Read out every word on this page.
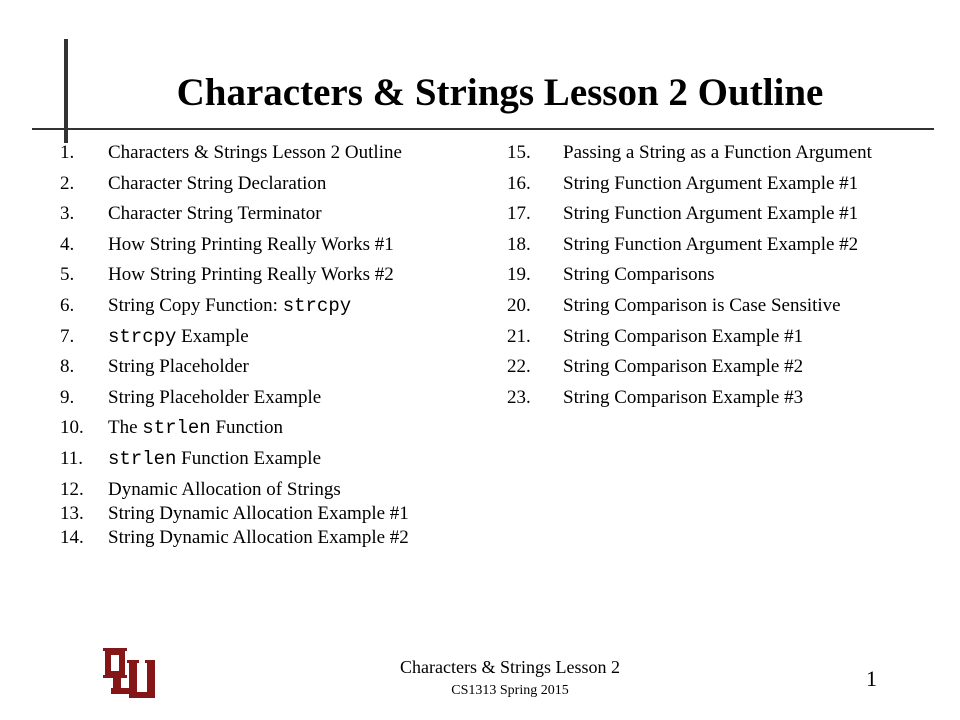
Characters & Strings Lesson 2 Outline
1. Characters & Strings Lesson 2 Outline
2. Character String Declaration
3. Character String Terminator
4. How String Printing Really Works #1
5. How String Printing Really Works #2
6. String Copy Function: strcpy
7. strcpy Example
8. String Placeholder
9. String Placeholder Example
10. The strlen Function
11. strlen Function Example
12. Dynamic Allocation of Strings
13. String Dynamic Allocation Example #1
14. String Dynamic Allocation Example #2
15. Passing a String as a Function Argument
16. String Function Argument Example #1
17. String Function Argument Example #1
18. String Function Argument Example #2
19. String Comparisons
20. String Comparison is Case Sensitive
21. String Comparison Example #1
22. String Comparison Example #2
23. String Comparison Example #3
Characters & Strings Lesson 2
CS1313 Spring 2015	1
